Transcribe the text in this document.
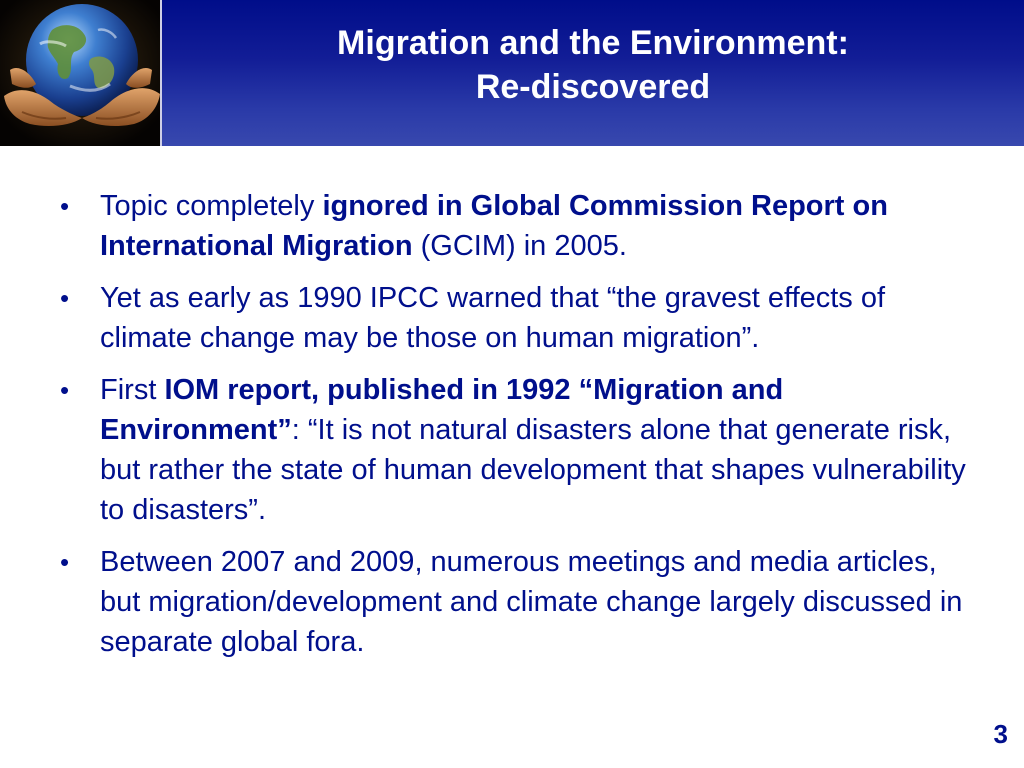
Migration and the Environment:
Re-discovered
• Topic completely ignored in Global Commission Report on International Migration (GCIM) in 2005.
• Yet as early as 1990 IPCC warned that “the gravest effects of climate change may be those on human migration”.
• First IOM report, published in 1992 “Migration and Environment”: “It is not natural disasters alone that generate risk, but rather the state of human development that shapes vulnerability to disasters”.
• Between 2007 and 2009, numerous meetings and media articles, but migration/development and climate change largely discussed in separate global fora.
3
